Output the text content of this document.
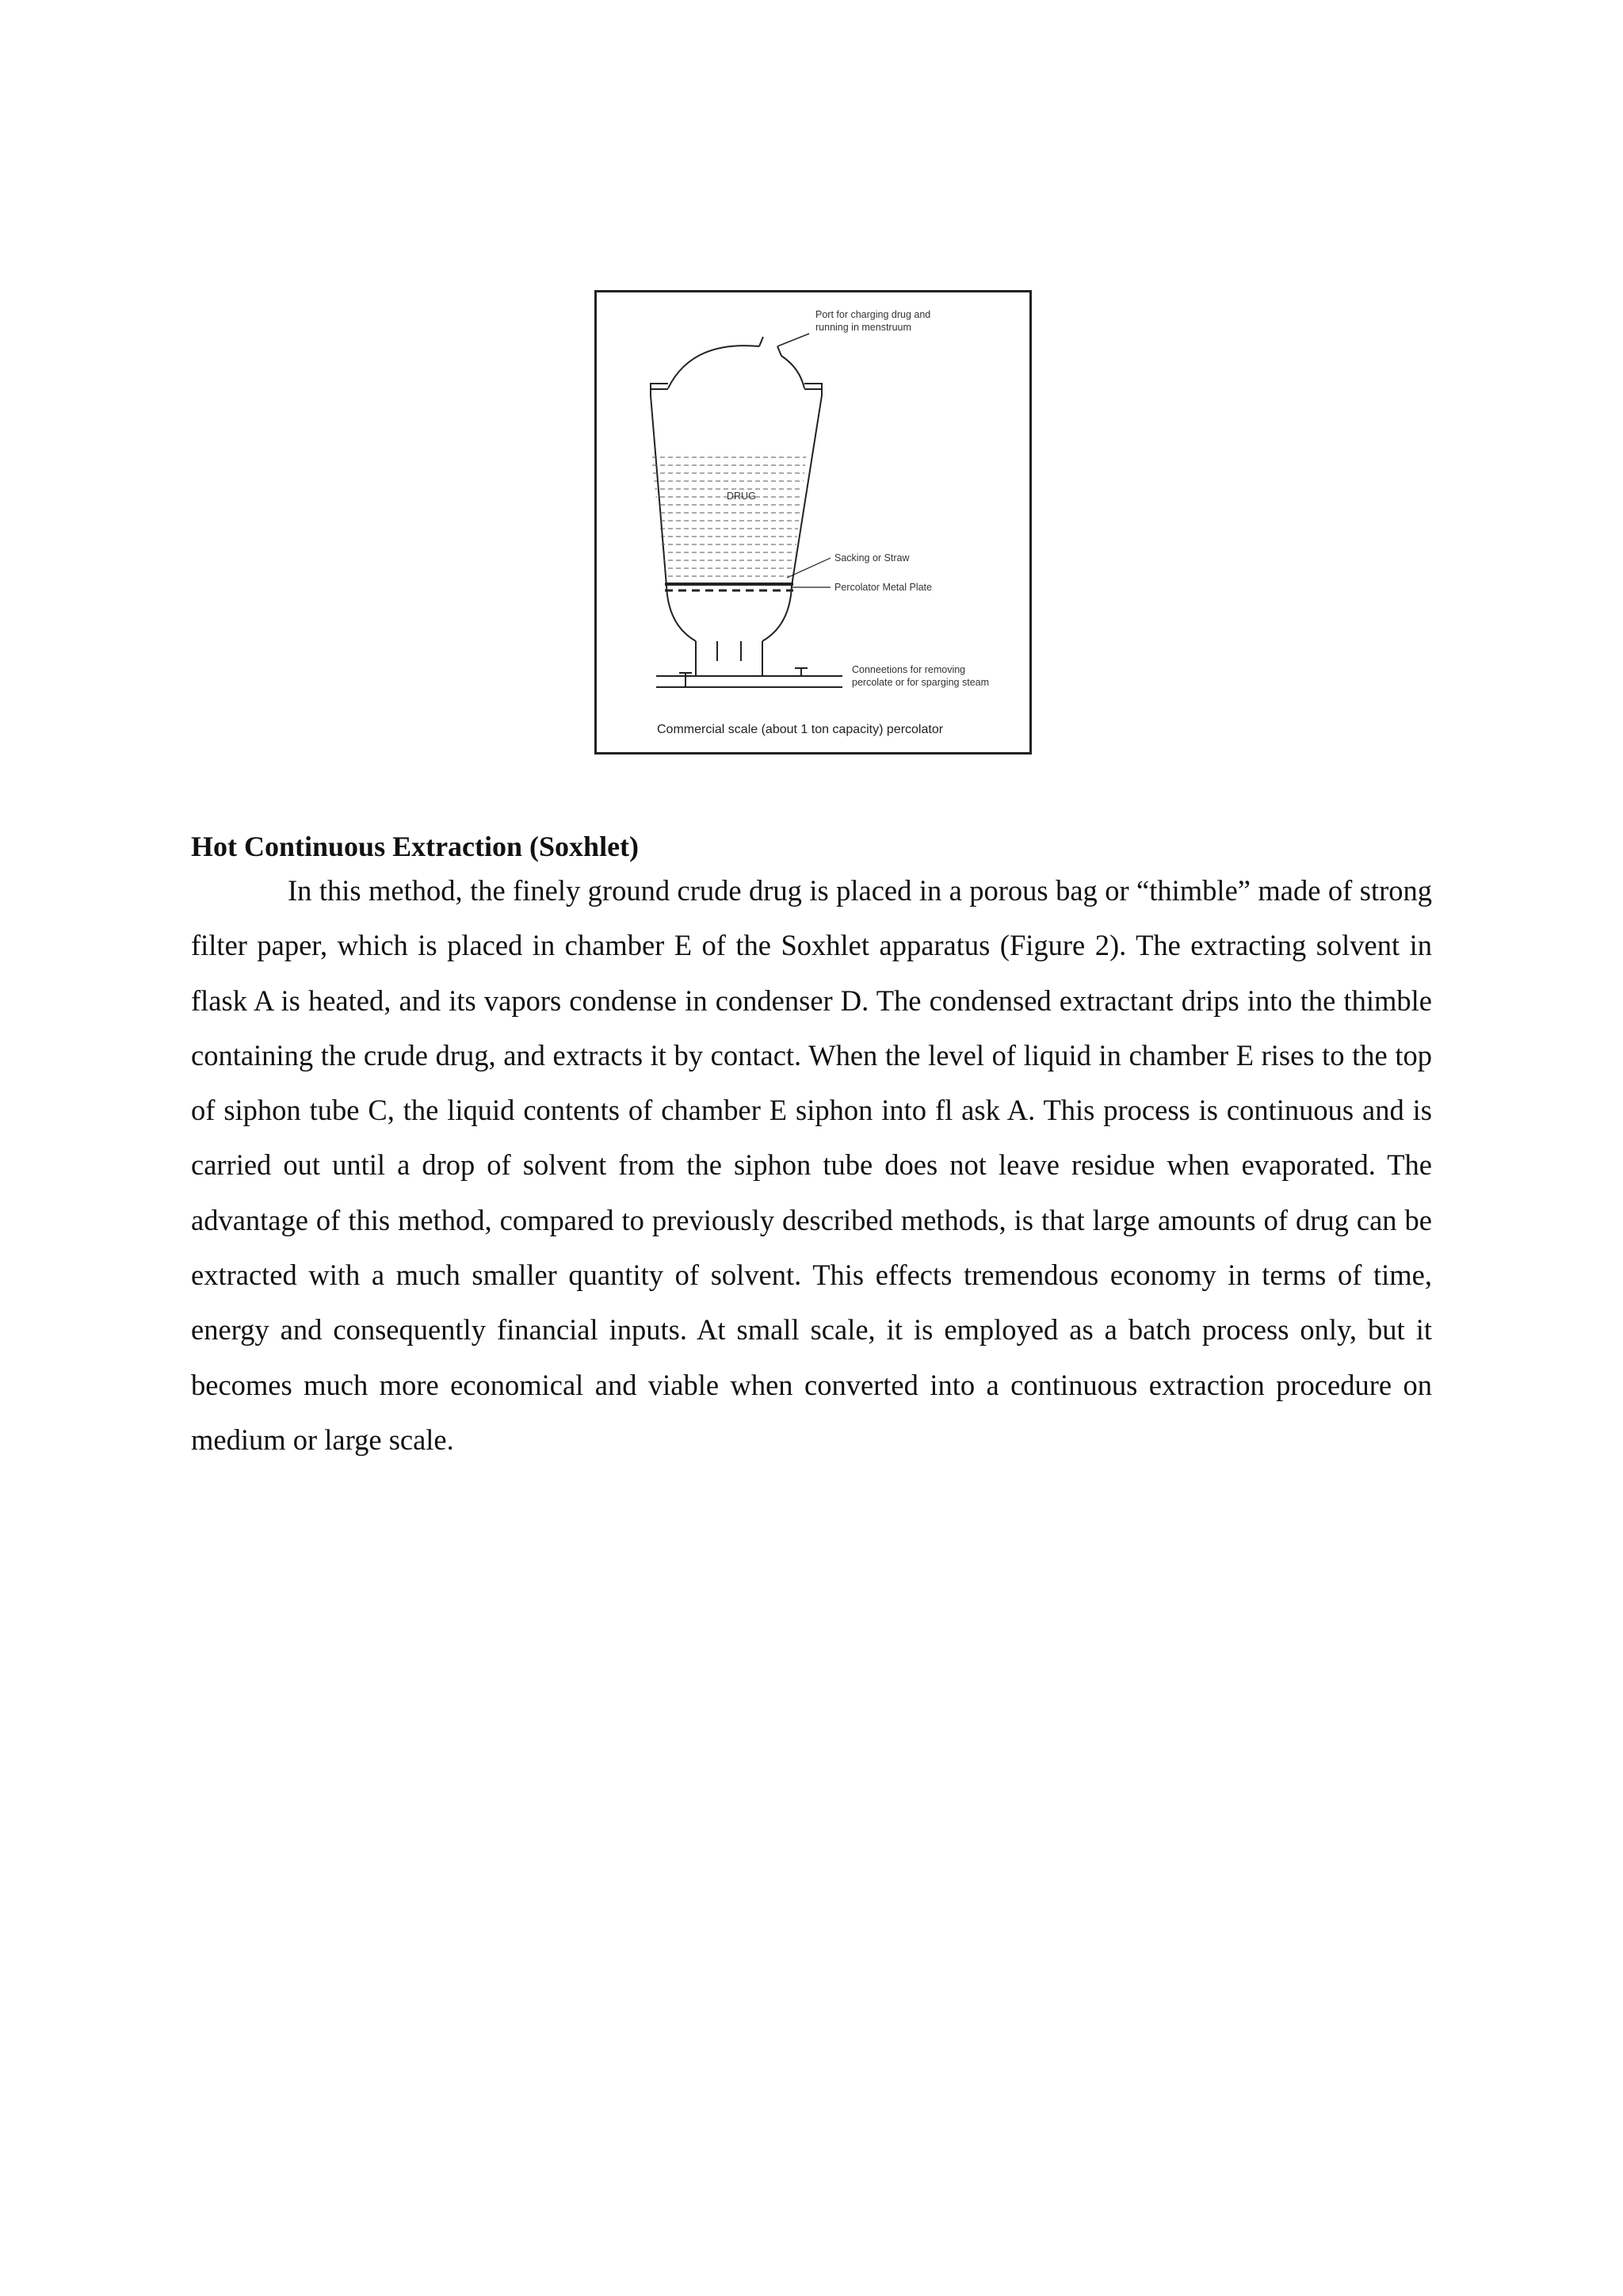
DRUG
Port for charging drug and
running in menstruum
Sacking or Straw
Percolator Metal Plate
Conneetions for removing
percolate or for sparging steam
Commercial scale (about 1 ton capacity) percolator
Hot Continuous Extraction (Soxhlet)

In this method, the finely ground crude drug is placed in a porous bag or “thimble” made of strong filter paper, which is placed in chamber E of the Soxhlet apparatus (Figure 2). The extracting solvent in flask A is heated, and its vapors condense in condenser D. The condensed extractant drips into the thimble containing the crude drug, and extracts it by contact. When the level of liquid in chamber E rises to the top of siphon tube C, the liquid contents of chamber E siphon into fl ask A. This process is continuous and is carried out until a drop of solvent from the siphon tube does not leave residue when evaporated. The advantage of this method, compared to previously described methods, is that large amounts of drug can be extracted with a much smaller quantity of solvent. This effects tremendous economy in terms of time, energy and consequently financial inputs. At small scale, it is employed as a batch process only, but it becomes much more economical and viable when converted into a continuous extraction procedure on medium or large scale.
